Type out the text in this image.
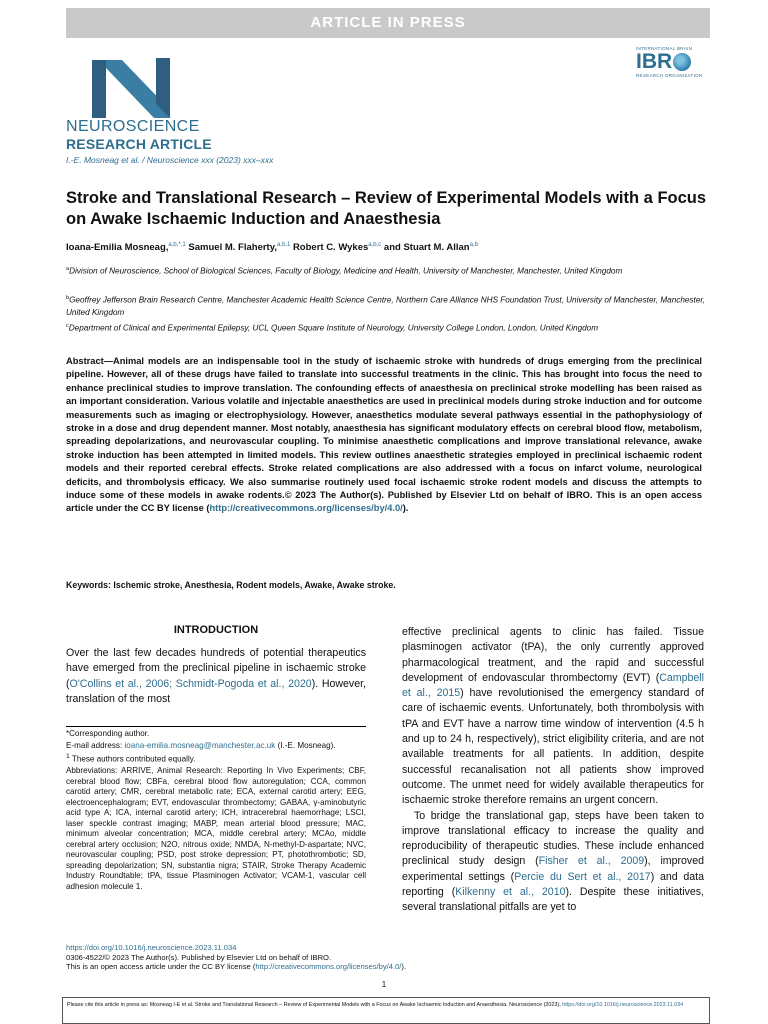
ARTICLE IN PRESS
NEUROSCIENCE
RESEARCH ARTICLE
INTERNATIONAL BRAIN
IBR
RESEARCH ORGANIZATION
I.-E. Mosneag et al. / Neuroscience xxx (2023) xxx–xxx
Stroke and Translational Research – Review of Experimental Models with a Focus on Awake Ischaemic Induction and Anaesthesia
Ioana-Emilia Mosneag,$^{a,b,*,1}$ Samuel M. Flaherty,$^{a,b,1}$ Robert C. Wykes$^{a,b,c}$ and Stuart M. Allan$^{a,b}$
$^a$Division of Neuroscience, School of Biological Sciences, Faculty of Biology, Medicine and Health, University of Manchester, Manchester, United Kingdom
$^b$Geoffrey Jefferson Brain Research Centre, Manchester Academic Health Science Centre, Northern Care Alliance NHS Foundation Trust, University of Manchester, Manchester, United Kingdom
$^c$Department of Clinical and Experimental Epilepsy, UCL Queen Square Institute of Neurology, University College London, London, United Kingdom
Abstract—Animal models are an indispensable tool in the study of ischaemic stroke with hundreds of drugs emerging from the preclinical pipeline. However, all of these drugs have failed to translate into successful treatments in the clinic. This has brought into focus the need to enhance preclinical studies to improve translation. The confounding effects of anaesthesia on preclinical stroke modelling has been raised as an important consideration. Various volatile and injectable anaesthetics are used in preclinical models during stroke induction and for outcome measurements such as imaging or electrophysiology. However, anaesthetics modulate several pathways essential in the pathophysiology of stroke in a dose and drug dependent manner. Most notably, anaesthesia has significant modulatory effects on cerebral blood flow, metabolism, spreading depolarizations, and neurovascular coupling. To minimise anaesthetic complications and improve translational relevance, awake stroke induction has been attempted in limited models. This review outlines anaesthetic strategies employed in preclinical ischaemic rodent models and their reported cerebral effects. Stroke related complications are also addressed with a focus on infarct volume, neurological deficits, and thrombolysis efficacy. We also summarise routinely used focal ischaemic stroke rodent models and discuss the attempts to induce some of these models in awake rodents.© 2023 The Author(s). Published by Elsevier Ltd on behalf of IBRO. This is an open access article under the CC BY license (http://creativecommons.org/licenses/by/4.0/).
Keywords: Ischemic stroke, Anesthesia, Rodent models, Awake, Awake stroke.
INTRODUCTION

Over the last few decades hundreds of potential therapeutics have emerged from the preclinical pipeline in ischaemic stroke (O'Collins et al., 2006; Schmidt-Pogoda et al., 2020). However, translation of the most

effective preclinical agents to clinic has failed. Tissue plasminogen activator (tPA), the only currently approved pharmacological treatment, and the rapid and successful development of endovascular thrombectomy (EVT) (Campbell et al., 2015) have revolutionised the emergency standard of care of ischaemic events. Unfortunately, both thrombolysis with tPA and EVT have a narrow time window of intervention (4.5 h and up to 24 h, respectively), strict eligibility criteria, and are not available treatments for all patients. In addition, despite successful recanalisation not all patients show improved outcome. The unmet need for widely available therapeutics for ischaemic stroke therefore remains an urgent concern.

To bridge the translational gap, steps have been taken to improve translational efficacy to increase the quality and reproducibility of therapeutic studies. These include enhanced preclinical study design (Fisher et al., 2009), improved experimental settings (Percie du Sert et al., 2017) and data reporting (Kilkenny et al., 2010). Despite these initiatives, several translational pitfalls are yet to

*Corresponding author.

E-mail address: ioana-emilia.mosneag@manchester.ac.uk (I.-E. Mosneag).

$^1$ These authors contributed equally.

Abbreviations: ARRIVE, Animal Research: Reporting In Vivo Experiments; CBF, cerebral blood flow; CBFa, cerebral blood flow autoregulation; CCA, common carotid artery; CMR, cerebral metabolic rate; ECA, external carotid artery; EEG, electroencephalogram; EVT, endovascular thrombectomy; GABAA, γ-aminobutyric acid type A; ICA, internal carotid artery; ICH, intracerebral haemorrhage; LSCI, laser speckle contrast imaging; MABP, mean arterial blood pressure; MAC, minimum alveolar concentration; MCA, middle cerebral artery; MCAo, middle cerebral artery occlusion; N2O, nitrous oxide; NMDA, N-methyl-D-aspartate; NVC, neurovascular coupling; PSD, post stroke depression; PT, photothrombotic; SD, spreading depolarization; SN, substantia nigra; STAIR, Stroke Therapy Academic Industry Roundtable; tPA, tissue Plasminogen Activator; VCAM-1, vascular cell adhesion molecule 1.

https://doi.org/10.1016/j.neuroscience.2023.11.034
0306-4522/© 2023 The Author(s). Published by Elsevier Ltd on behalf of IBRO.
This is an open access article under the CC BY license (http://creativecommons.org/licenses/by/4.0/).
1
Please cite this article in press as: Mosneag I-E et al. Stroke and Translational Research – Review of Experimental Models with a Focus on Awake Ischaemic Induction and Anaesthesia. Neuroscience (2023), https://doi.org/10.1016/j.neuroscience.2023.11.034
